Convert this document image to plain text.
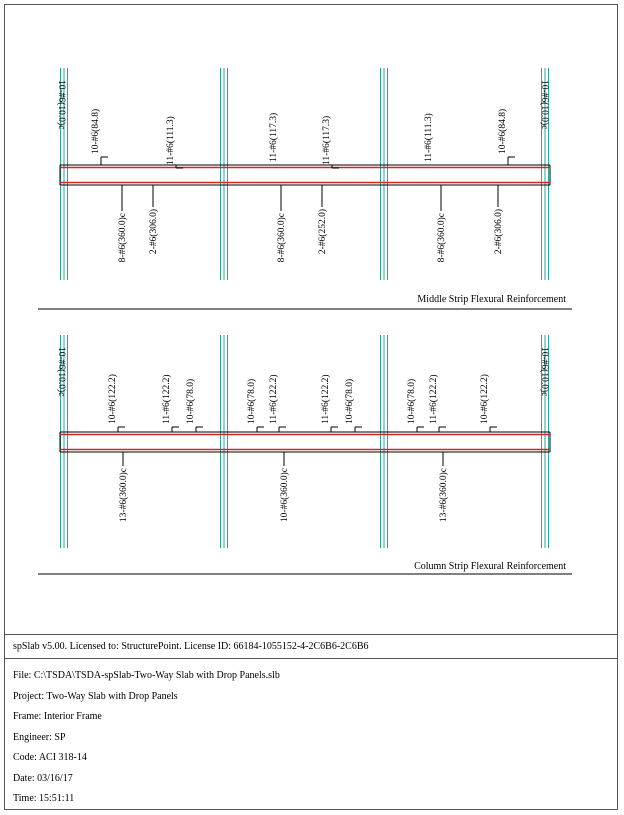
10-#6(10.0)c
10-#6(84.8)	11-#6(111.3)	11-#6(117.3)	11-#6(117.3)	11-#6(111.3)	10-#6(84.8)
10-#6(10.0)c
8-#6(360.0)c 2-#6(306.0)	8-#6(360.0)c	2-#6(252.0)	8-#6(360.0)c	2-#6(306.0)
Middle Strip Flexural Reinforcement
10-#6(10.0)c
10-#6(122.2)	11-#6(122.2) 10-#6(78.0)	10-#6(78.0) 11-#6(122.2)	11-#6(122.2) 10-#6(78.0)	10-#6(78.0) 11-#6(122.2)	10-#6(122.2)
10-#6(10.0)c
13-#6(360.0)c	10-#6(360.0)c	13-#6(360.0)c
Column Strip Flexural Reinforcement
spSlab v5.00. Licensed to: StructurePoint. License ID: 66184-1055152-4-2C6B6-2C6B6
File: C:\TSDA\TSDA-spSlab-Two-Way Slab with Drop Panels.slb
Project: Two-Way Slab with Drop Panels
Frame: Interior Frame
Engineer: SP
Code: ACI 318-14
Date: 03/16/17
Time: 15:51:11
